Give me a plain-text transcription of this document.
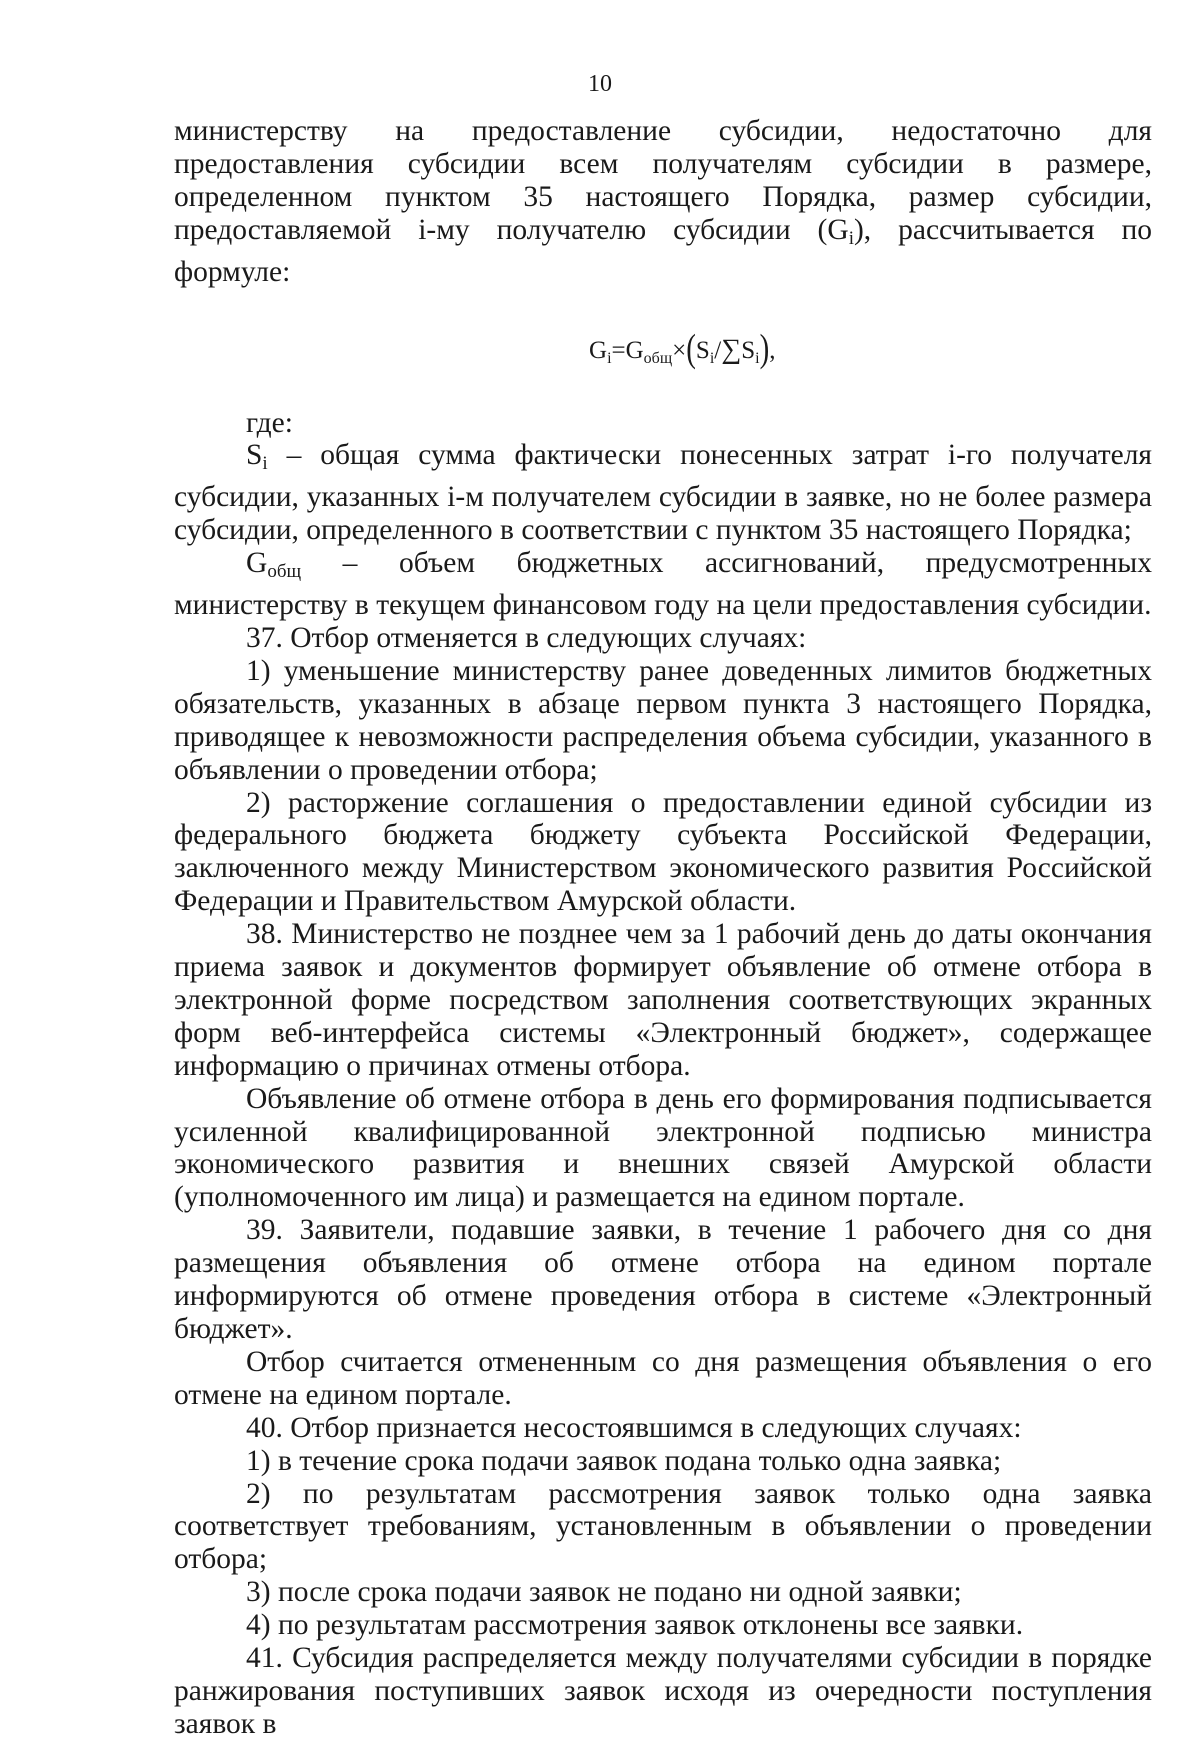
10

министерству на предоставление субсидии, недостаточно для предоставления субсидии всем получателям субсидии в размере, определенном пунктом 35 настоящего Порядка, размер субсидии, предоставляемой i-му получателю субсидии (Gi), рассчитывается по формуле:

$G_i=G_{общ}\times(S_i/\sum S_i)$,

где:

Si – общая сумма фактически понесенных затрат i-го получателя субсидии, указанных i-м получателем субсидии в заявке, но не более размера субсидии, определенного в соответствии с пунктом 35 настоящего Порядка;

Gобщ – объем бюджетных ассигнований, предусмотренных министерству в текущем финансовом году на цели предоставления субсидии.

37. Отбор отменяется в следующих случаях:

1) уменьшение министерству ранее доведенных лимитов бюджетных обязательств, указанных в абзаце первом пункта 3 настоящего Порядка, приводящее к невозможности распределения объема субсидии, указанного в объявлении о проведении отбора;

2) расторжение соглашения о предоставлении единой субсидии из федерального бюджета бюджету субъекта Российской Федерации, заключенного между Министерством экономического развития Российской Федерации и Правительством Амурской области.

38. Министерство не позднее чем за 1 рабочий день до даты окончания приема заявок и документов формирует объявление об отмене отбора в электронной форме посредством заполнения соответствующих экранных форм веб-интерфейса системы «Электронный бюджет», содержащее информацию о причинах отмены отбора.

Объявление об отмене отбора в день его формирования подписывается усиленной квалифицированной электронной подписью министра экономического развития и внешних связей Амурской области (уполномоченного им лица) и размещается на едином портале.

39. Заявители, подавшие заявки, в течение 1 рабочего дня со дня размещения объявления об отмене отбора на едином портале информируются об отмене проведения отбора в системе «Электронный бюджет».

Отбор считается отмененным со дня размещения объявления о его отмене на едином портале.

40. Отбор признается несостоявшимся в следующих случаях:

1) в течение срока подачи заявок подана только одна заявка;

2) по результатам рассмотрения заявок только одна заявка соответствует требованиям, установленным в объявлении о проведении отбора;

3) после срока подачи заявок не подано ни одной заявки;

4) по результатам рассмотрения заявок отклонены все заявки.

41. Субсидия распределяется между получателями субсидии в порядке ранжирования поступивших заявок исходя из очередности поступления заявок в
